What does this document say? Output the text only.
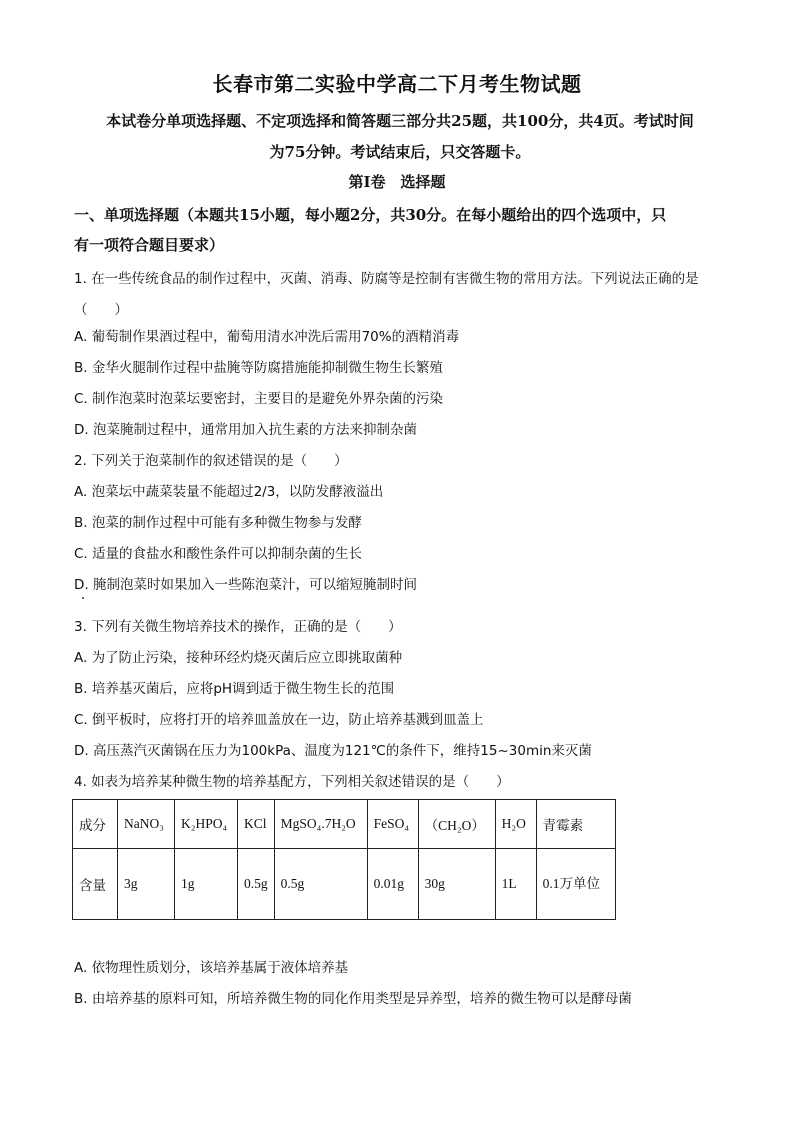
长春市第二实验中学高二下月考生物试题
本试卷分单项选择题、不定项选择和简答题三部分共25题，共100分，共4页。考试时间
为75分钟。考试结束后，只交答题卡。
第Ⅰ卷　选择题
一、单项选择题（本题共15小题，每小题2分，共30分。在每小题给出的四个选项中，只
有一项符合题目要求）
1. 在一些传统食品的制作过程中，灭菌、消毒、防腐等是控制有害微生物的常用方法。下列说法正确的是
（　　）
A. 葡萄制作果酒过程中，葡萄用清水冲洗后需用70%的酒精消毒
B. 金华火腿制作过程中盐腌等防腐措施能抑制微生物生长繁殖
C. 制作泡菜时泡菜坛要密封，主要目的是避免外界杂菌的污染
D. 泡菜腌制过程中，通常用加入抗生素的方法来抑制杂菌
2. 下列关于泡菜制作的叙述错误的是（　　）
A. 泡菜坛中蔬菜装量不能超过2/3，以防发酵液溢出
B. 泡菜的制作过程中可能有多种微生物参与发酵
C. 适量的食盐水和酸性条件可以抑制杂菌的生长
D. 腌制泡菜时如果加入一些陈泡菜汁，可以缩短腌制时间
3. 下列有关微生物培养技术的操作，正确的是（　　）
A. 为了防止污染，接种环经灼烧灭菌后应立即挑取菌种
B. 培养基灭菌后，应将pH调到适于微生物生长的范围
C. 倒平板时，应将打开的培养皿盖放在一边，防止培养基溅到皿盖上
D. 高压蒸汽灭菌锅在压力为100kPa、温度为121℃的条件下，维持15~30min来灭菌
4. 如表为培养某种微生物的培养基配方，下列相关叙述错误的是（　　）
成分	NaNO₃	K₂HPO₄	KCl	MgSO₄.7H₂O	FeSO₄	（CH₂O）	H₂O	青霉素
含量	3g	1g	0.5g	0.5g	0.01g	30g	1L	0.1万单位
A. 依物理性质划分，该培养基属于液体培养基
B. 由培养基的原料可知，所培养微生物的同化作用类型是异养型，培养的微生物可以是酵母菌
